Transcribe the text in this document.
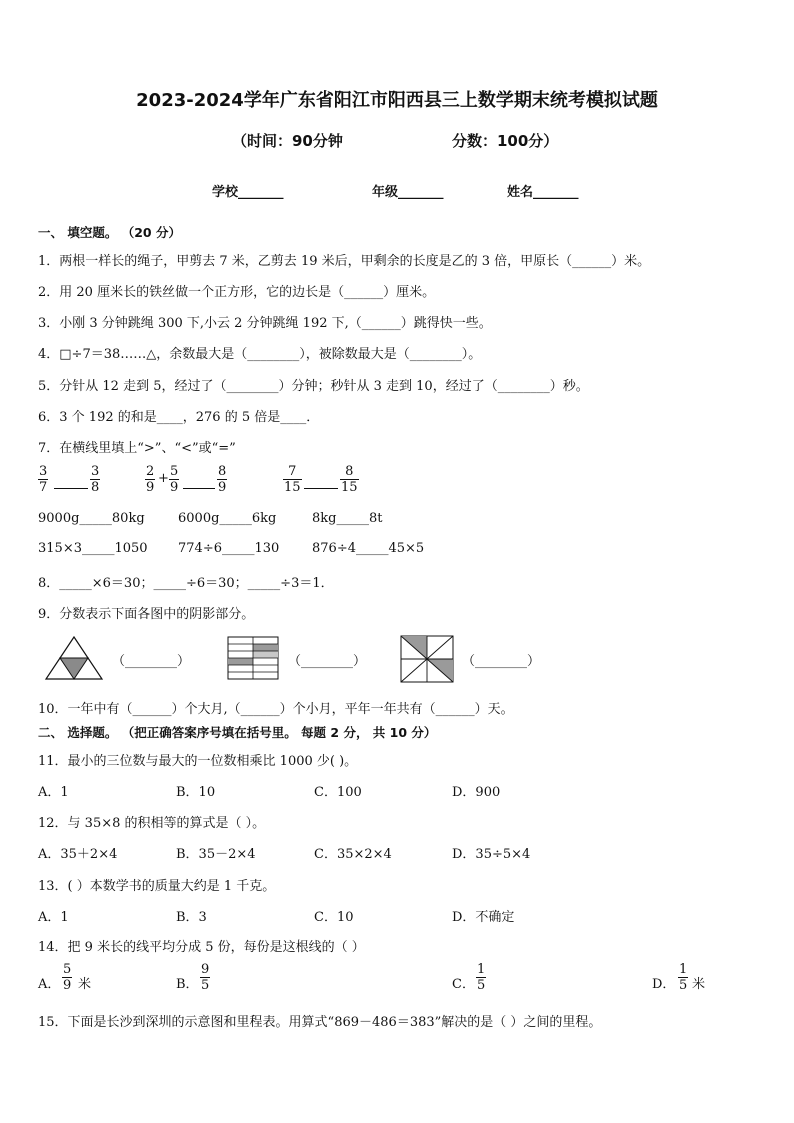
2023-2024学年广东省阳江市阳西县三上数学期末统考模拟试题
（时间：90分钟	分数：100分）
学校_______	年级_______	姓名_______
一、 填空题。 （20 分）
1．两根一样长的绳子，甲剪去 7 米，乙剪去 19 米后，甲剩余的长度是乙的 3 倍，甲原长（______）米。
2．用 20 厘米长的铁丝做一个正方形，它的边长是（______）厘米。
3．小刚 3 分钟跳绳 300 下,小云 2 分钟跳绳 192 下,（______）跳得快一些。
4．□÷7＝38……△，余数最大是（________），被除数最大是（________）。
5．分针从 12 走到 5，经过了（________）分钟；秒针从 3 走到 10，经过了（________）秒。
6．3 个 192 的和是____，276 的 5 倍是____．
7．在横线里填上“>”、“<”或“=”
$\frac{3}{7}$	$\frac{3}{8}$	$\frac{2}{9} + \frac{5}{9}$	$\frac{8}{9}$	$\frac{7}{15}$	$\frac{8}{15}$
9000g_____80kg	6000g_____6kg	8kg_____8t
315×3_____1050 774÷6_____130	876÷4_____45×5
8．_____×6＝30；_____÷6＝30；_____÷3＝1．
9．分数表示下面各图中的阴影部分。
（________）	（________）	（________）
10．一年中有（______）个大月,（______）个小月，平年一年共有（______）天。
二、 选择题。 （把正确答案序号填在括号里。 每题 2 分， 共 10 分）
11．最小的三位数与最大的一位数相乘比 1000 少( )。
A．1	B．10	C．100	D．900
12．与 35×8 的积相等的算式是（ ）。
A．35＋2×4	B．35－2×4	C．35×2×4	D．35÷5×4
13．( ）本数学书的质量大约是 1 千克。
A．1	B．3	C．10	D．不确定
14．把 9 米长的线平均分成 5 份，每份是这根线的（ ）
A． $\frac{5}{9}$ 米	B． $\frac{9}{5}$	C． $\frac{1}{5}$	D． $\frac{1}{5}$ 米
15．下面是长沙到深圳的示意图和里程表。用算式“869－486＝383”解决的是（ ）之间的里程。
